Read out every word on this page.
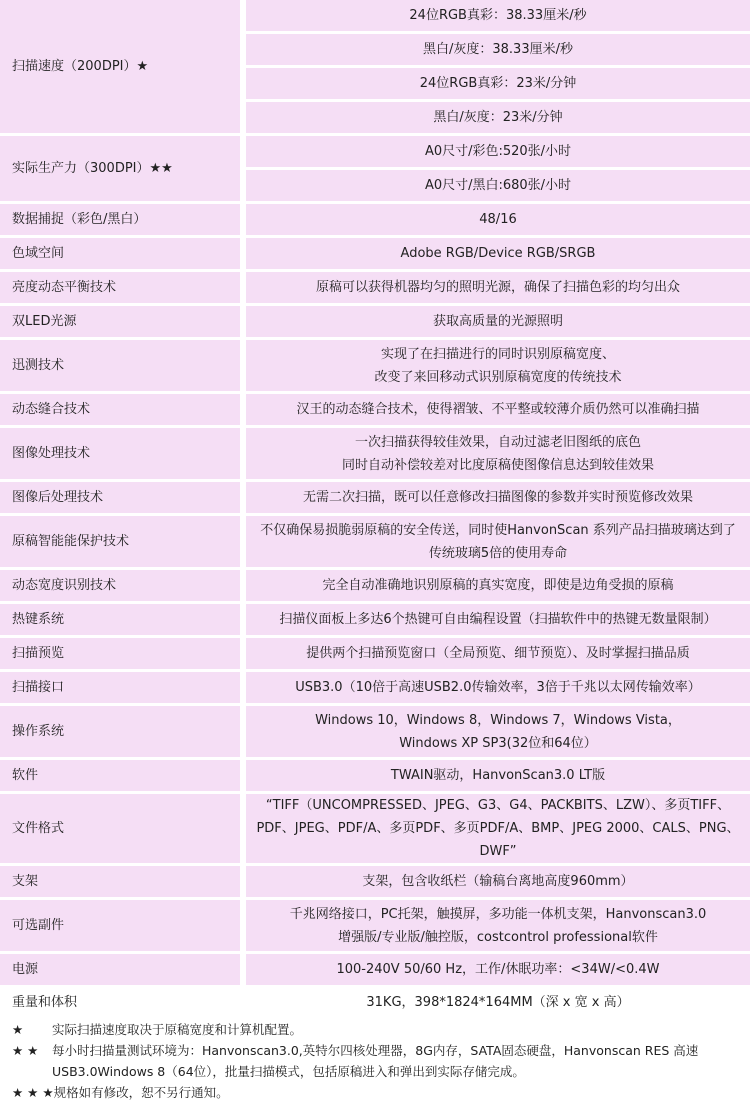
扫描速度（200DPI）★	24位RGB真彩：38.33厘米/秒
	黑白/灰度：38.33厘米/秒
	24位RGB真彩：23米/分钟
	黑白/灰度：23米/分钟
实际生产力（300DPI）★★	A0尺寸/彩色:520张/小时
	A0尺寸/黑白:680张/小时
数据捕捉（彩色/黑白）	48/16
色域空间	Adobe RGB/Device RGB/SRGB
亮度动态平衡技术	原稿可以获得机器均匀的照明光源，确保了扫描色彩的均匀出众
双LED光源	获取高质量的光源照明
迅测技术	实现了在扫描进行的同时识别原稿宽度、
改变了来回移动式识别原稿宽度的传统技术

动态缝合技术	汉王的动态缝合技术，使得褶皱、不平整或较薄介质仍然可以准确扫描
图像处理技术	一次扫描获得较佳效果，自动过滤老旧图纸的底色
同时自动补偿较差对比度原稿使图像信息达到较佳效果

图像后处理技术	无需二次扫描，既可以任意修改扫描图像的参数并实时预览修改效果
原稿智能能保护技术	不仅确保易损脆弱原稿的安全传送，同时使HanvonScan 系列产品扫描玻璃达到了
传统玻璃5倍的使用寿命

动态宽度识别技术	完全自动准确地识别原稿的真实宽度，即使是边角受损的原稿
热键系统	扫描仪面板上多达6个热键可自由编程设置（扫描软件中的热键无数量限制）
扫描预览	提供两个扫描预览窗口（全局预览、细节预览）、及时掌握扫描品质
扫描接口	USB3.0（10倍于高速USB2.0传输效率，3倍于千兆以太网传输效率）
操作系统	Windows 10，Windows 8，Windows 7，Windows Vista，
Windows XP SP3(32位和64位）

软件	TWAIN驱动，HanvonScan3.0 LT版
文件格式	“TIFF（UNCOMPRESSED、JPEG、G3、G4、PACKBITS、LZW）、多页TIFF、
PDF、JPEG、PDF/A、多页PDF、多页PDF/A、BMP、JPEG 2000、CALS、PNG、DWF”

支架	支架，包含收纸栏（输稿台离地高度960mm）
可选副件	千兆网络接口，PC托架，触摸屏，多功能一体机支架，Hanvonscan3.0
增强版/专业版/触控版，costcontrol professional软件

电源	100-240V 50/60 Hz，工作/休眠功率：<34W/<0.4W
重量和体积	31KG，398*1824*164MM（深 x 宽 x 高）
★	实际扫描速度取决于原稿宽度和计算机配置。
★ ★	每小时扫描量测试环境为：Hanvonscan3.0,英特尔四核处理器，8G内存，SATA固态硬盘，Hanvonscan RES 高速 USB3.0Windows 8（64位），批量扫描模式，包括原稿进入和弹出到实际存储完成。
★ ★ ★ 规格如有修改，恕不另行通知。
